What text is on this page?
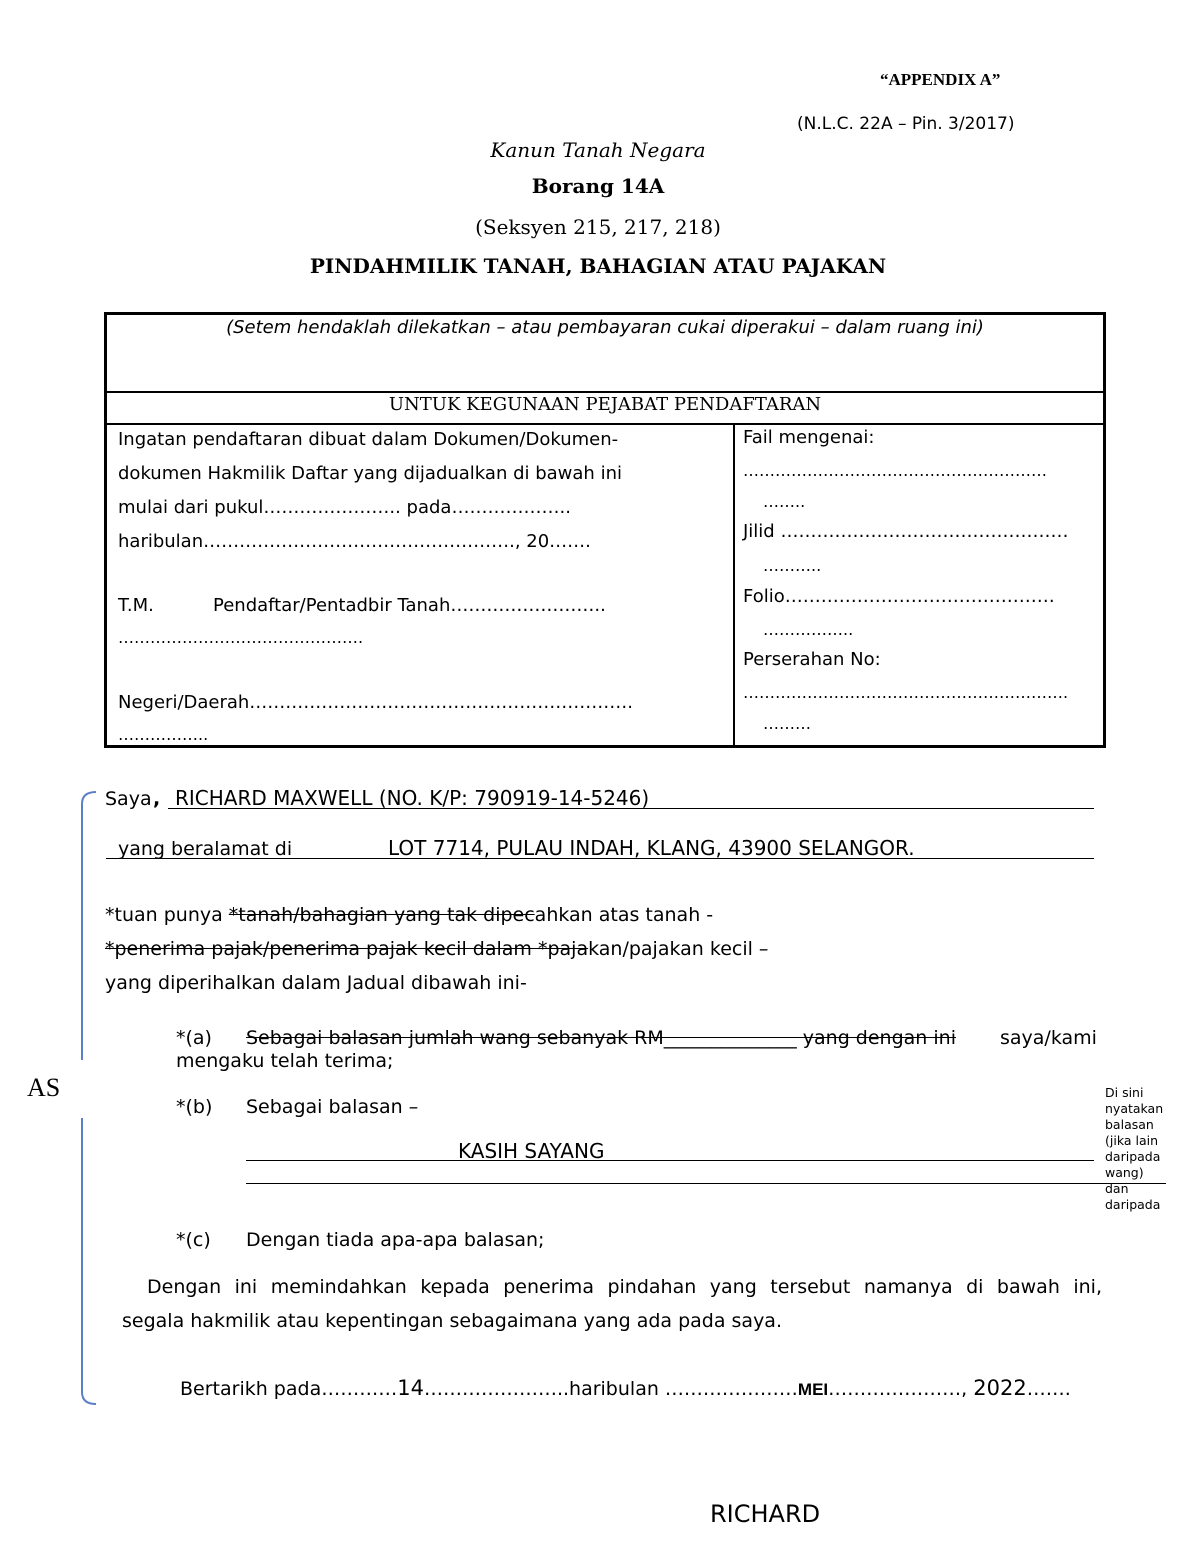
“APPENDIX A”
(N.L.C. 22A – Pin. 3/2017)
Kanun Tanah Negara
Borang 14A
(Seksyen 215, 217, 218)
PINDAHMILIK TANAH, BAHAGIAN ATAU PAJAKAN
(Setem hendaklah dilekatkan – atau pembayaran cukai diperakui – dalam ruang ini)
UNTUK KEGUNAAN PEJABAT PENDAFTARAN
Ingatan pendaftaran dibuat dalam Dokumen/Dokumen-
dokumen Hakmilik Daftar yang dijadualkan di bawah ini
mulai dari pukul………………….. pada………………..
haribulan……………………………………………., 20…….
T.M.	Pendaftar/Pentadbir Tanah……………………..
……………………………………….
Negeri/Daerah……………………………………………………….
……………..
Fail mengenai:
…………………………………………………
……..
Jilid …………………………………………
………..
Folio………………………………………
……………..
Perserahan No:
…………………………………………………….
………
AS
Saya , RICHARD MAXWELL (NO. K/P: 790919-14-5246)
yang beralamat di	LOT 7714, PULAU INDAH, KLANG, 43900 SELANGOR.
*tuan punya *tanah/bahagian yang tak dipecahkan atas tanah -
*penerima pajak/penerima pajak kecil dalam *pajakan/pajakan kecil –
yang diperihalkan dalam Jadual dibawah ini-
*(a) Sebagai balasan jumlah wang sebanyak RM______________ yang dengan ini saya/kami
mengaku telah terima;
*(b) Sebagai balasan –
KASIH SAYANG
*(c) Dengan tiada apa-apa balasan;
Di sini
nyatakan
balasan
(jika lain
daripada
wang)
dan
daripada
Dengan ini memindahkan kepada penerima pindahan yang tersebut namanya di bawah ini,
segala hakmilik atau kepentingan sebagaimana yang ada pada saya.
Bertarikh pada…………14…………………..haribulan …………………MEI…………………, 2022…….
RICHARD
